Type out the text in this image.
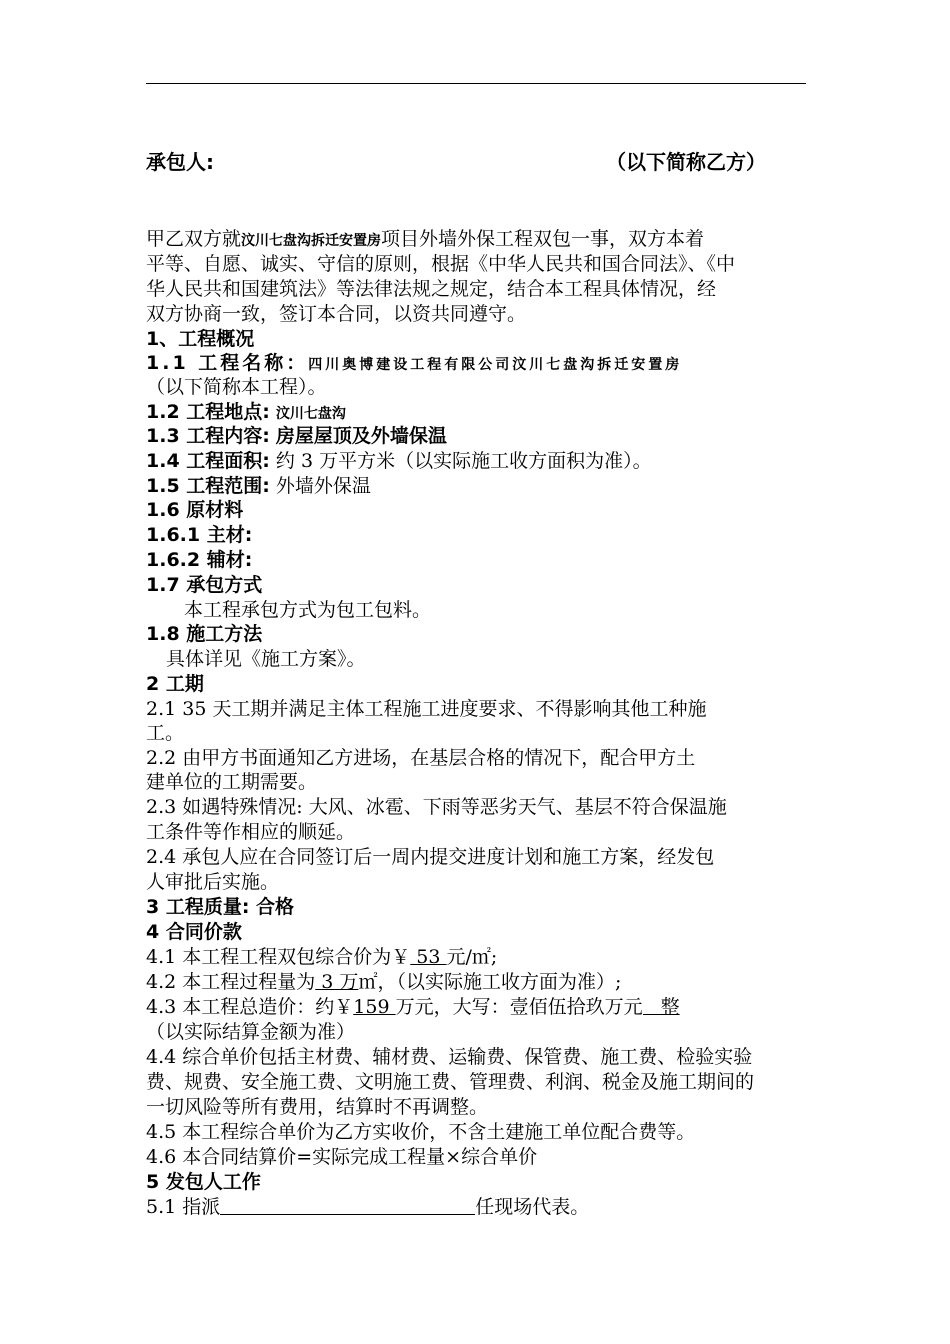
承包人:	（以下简称乙方）
甲乙双方就汶川七盘沟拆迁安置房项目外墙外保工程双包一事，双方本着
平等、自愿、诚实、守信的原则，根据《中华人民共和国合同法》、《中
华人民共和国建筑法》等法律法规之规定，结合本工程具体情况，经
双方协商一致，签订本合同，以资共同遵守。
1、工程概况
1.1 工程名称：四川奥博建设工程有限公司汶川七盘沟拆迁安置房
（以下简称本工程）。
1.2 工程地点: 汶川七盘沟
1.3 工程内容: 房屋屋顶及外墙保温
1.4 工程面积: 约 3 万平方米（以实际施工收方面积为准）。
1.5 工程范围: 外墙外保温
1.6 原材料
1.6.1 主材:
1.6.2 辅材:
1.7 承包方式
本工程承包方式为包工包料。
1.8 施工方法
具体详见《施工方案》。
2 工期
2.1 35 天工期并满足主体工程施工进度要求、不得影响其他工种施
工。
2.2 由甲方书面通知乙方进场，在基层合格的情况下，配合甲方土
建单位的工期需要。
2.3 如遇特殊情况: 大风、冰雹、下雨等恶劣天气、基层不符合保温施
工条件等作相应的顺延。
2.4 承包人应在合同签订后一周内提交进度计划和施工方案，经发包
人审批后实施。
3 工程质量: 合格
4 合同价款
4.1 本工程工程双包综合价为￥ 53 元/㎡;
4.2 本工程过程量为 3 万㎡，（以实际施工收方面为准）;
4.3 本工程总造价：约￥159 万元，大写：壹佰伍拾玖万元 整
（以实际结算金额为准）
4.4 综合单价包括主材费、辅材费、运输费、保管费、施工费、检验实验
费、规费、安全施工费、文明施工费、管理费、利润、税金及施工期间的
一切风险等所有费用，结算时不再调整。
4.5 本工程综合单价为乙方实收价，不含土建施工单位配合费等。
4.6 本合同结算价=实际完成工程量×综合单价
5 发包人工作
5.1 指派	任现场代表。
